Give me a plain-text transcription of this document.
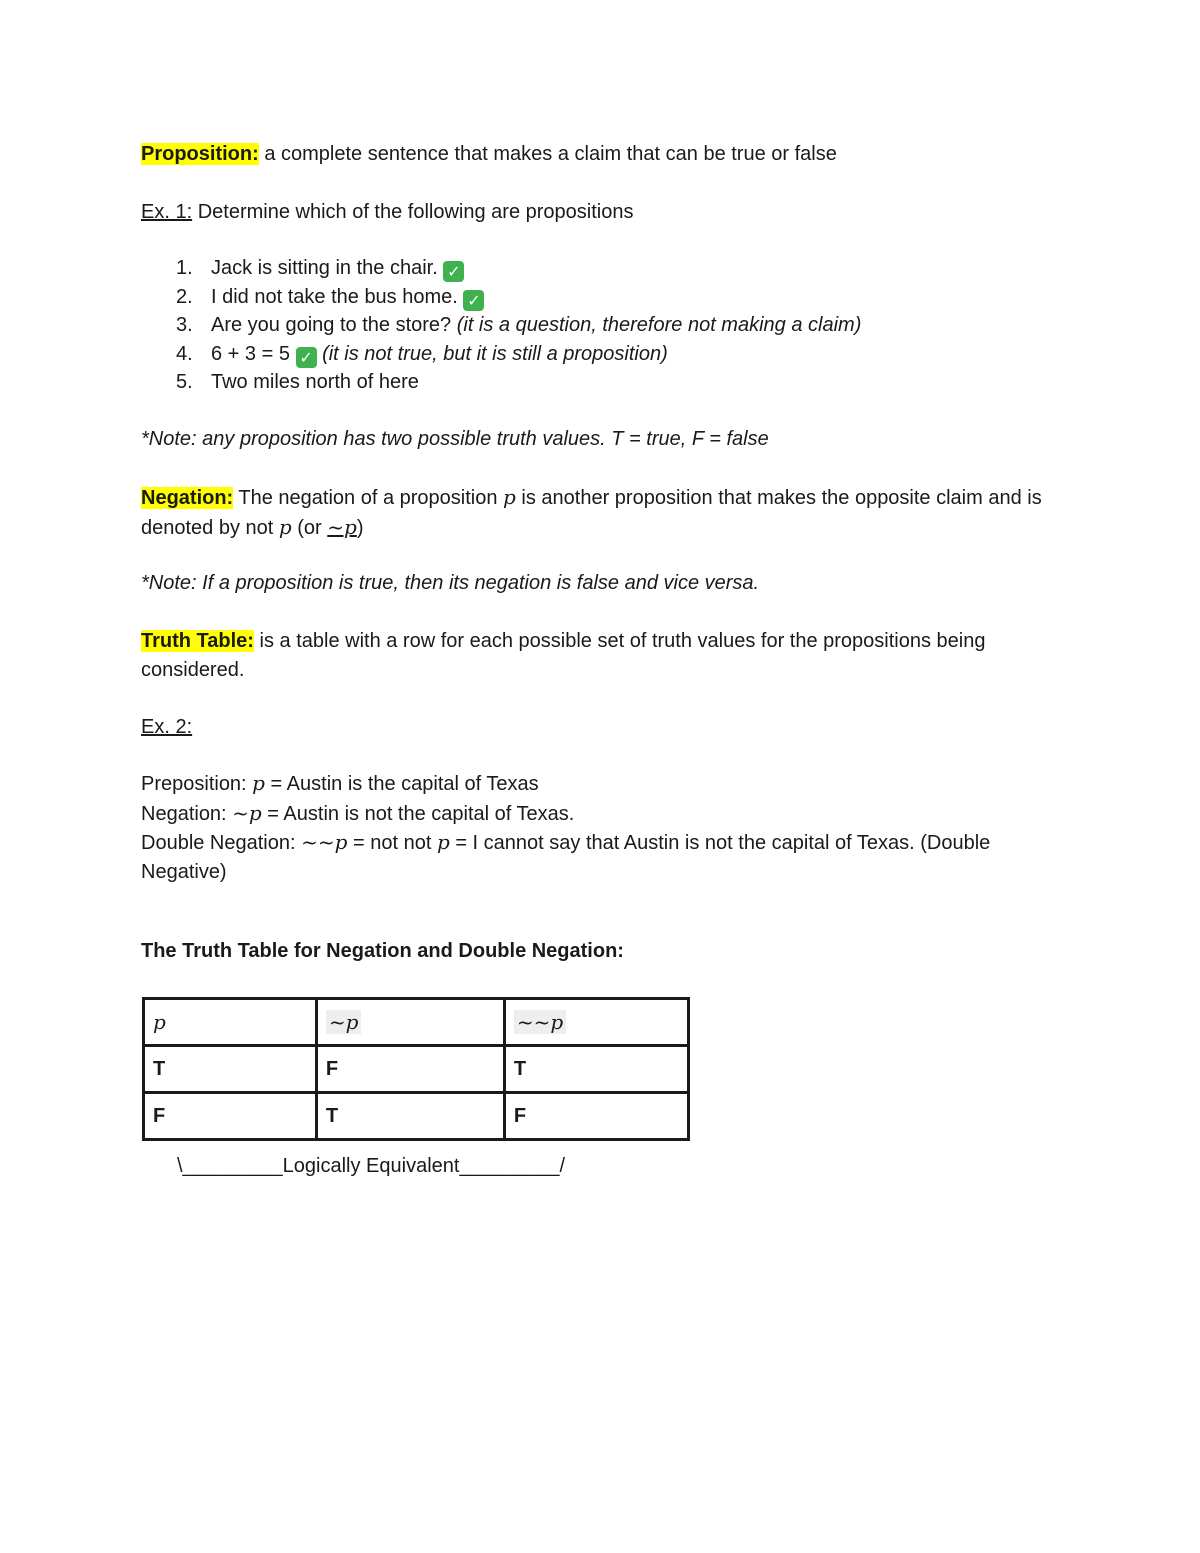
Proposition: a complete sentence that makes a claim that can be true or false
Ex. 1: Determine which of the following are propositions
1. Jack is sitting in the chair. ✓
2. I did not take the bus home. ✓
3. Are you going to the store? (it is a question, therefore not making a claim)
4. 6 + 3 = 5 ✓ (it is not true, but it is still a proposition)
5. Two miles north of here
*Note: any proposition has two possible truth values. T = true, F = false
Negation: The negation of a proposition p is another proposition that makes the opposite claim and is denoted by not p (or ~p)
*Note: If a proposition is true, then its negation is false and vice versa.
Truth Table: is a table with a row for each possible set of truth values for the propositions being considered.
Ex. 2:
Preposition: p = Austin is the capital of Texas
Negation: ~p = Austin is not the capital of Texas.
Double Negation: ~~p = not not p = I cannot say that Austin is not the capital of Texas. (Double Negative)
The Truth Table for Negation and Double Negation:
p	~p	~~p
T	F	T
F	T	F
\_________Logically Equivalent_________/
